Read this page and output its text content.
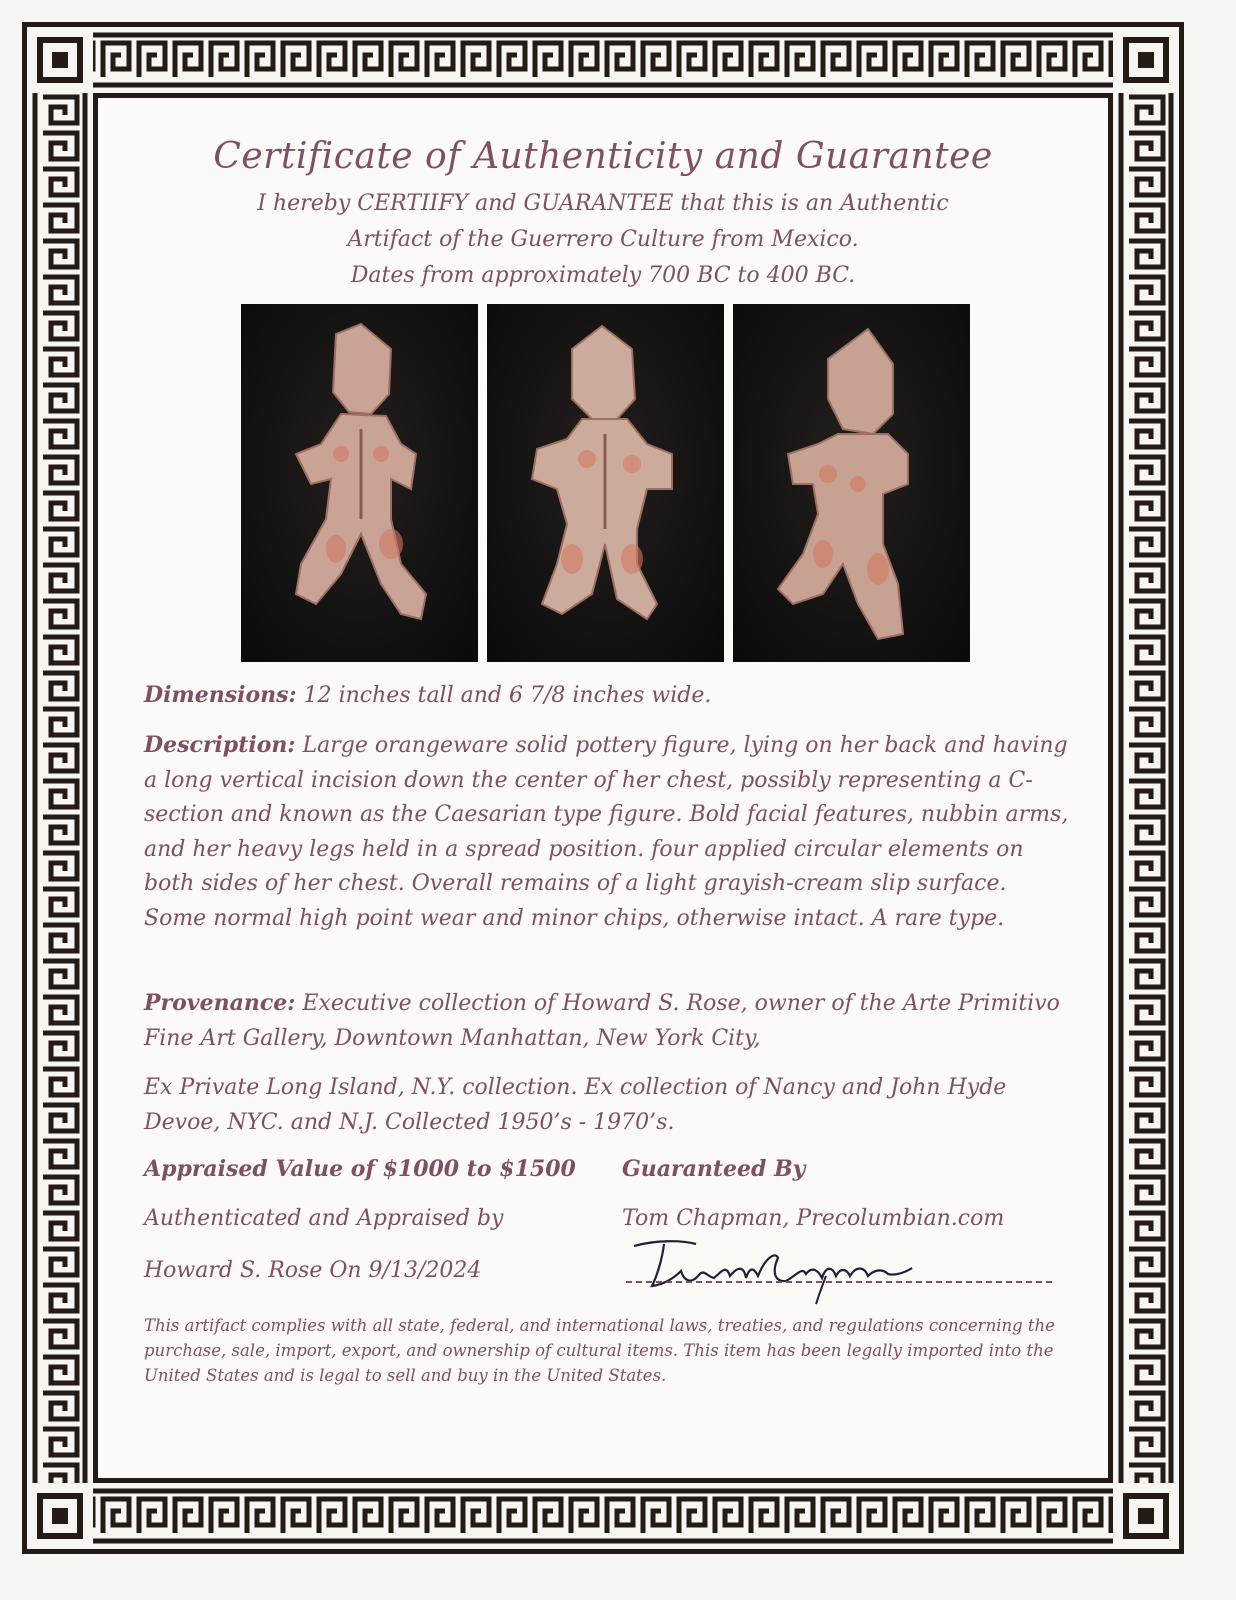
Certificate of Authenticity and Guarantee
I hereby CERTIIFY and GUARANTEE that this is an Authentic
Artifact of the Guerrero Culture from Mexico.
Dates from approximately 700 BC to 400 BC.
Dimensions: 12 inches tall and 6 7/8 inches wide.
Description: Large orangeware solid pottery figure, lying on her back and having a long vertical incision down the center of her chest, possibly representing a C-section and known as the Caesarian type figure. Bold facial features, nubbin arms, and her heavy legs held in a spread position. four applied circular elements on both sides of her chest. Overall remains of a light grayish-cream slip surface. Some normal high point wear and minor chips, otherwise intact. A rare type.
Provenance: Executive collection of Howard S. Rose, owner of the Arte Primitivo Fine Art Gallery, Downtown Manhattan, New York City,
Ex Private Long Island, N.Y. collection. Ex collection of Nancy and John Hyde Devoe, NYC. and N.J. Collected 1950’s - 1970’s.
Appraised Value of $1000 to $1500 Guaranteed By
Authenticated and Appraised by	Tom Chapman, Precolumbian.com
Howard S. Rose On 9/13/2024
This artifact complies with all state, federal, and international laws, treaties, and regulations concerning the purchase, sale, import, export, and ownership of cultural items. This item has been legally imported into the United States and is legal to sell and buy in the United States.
